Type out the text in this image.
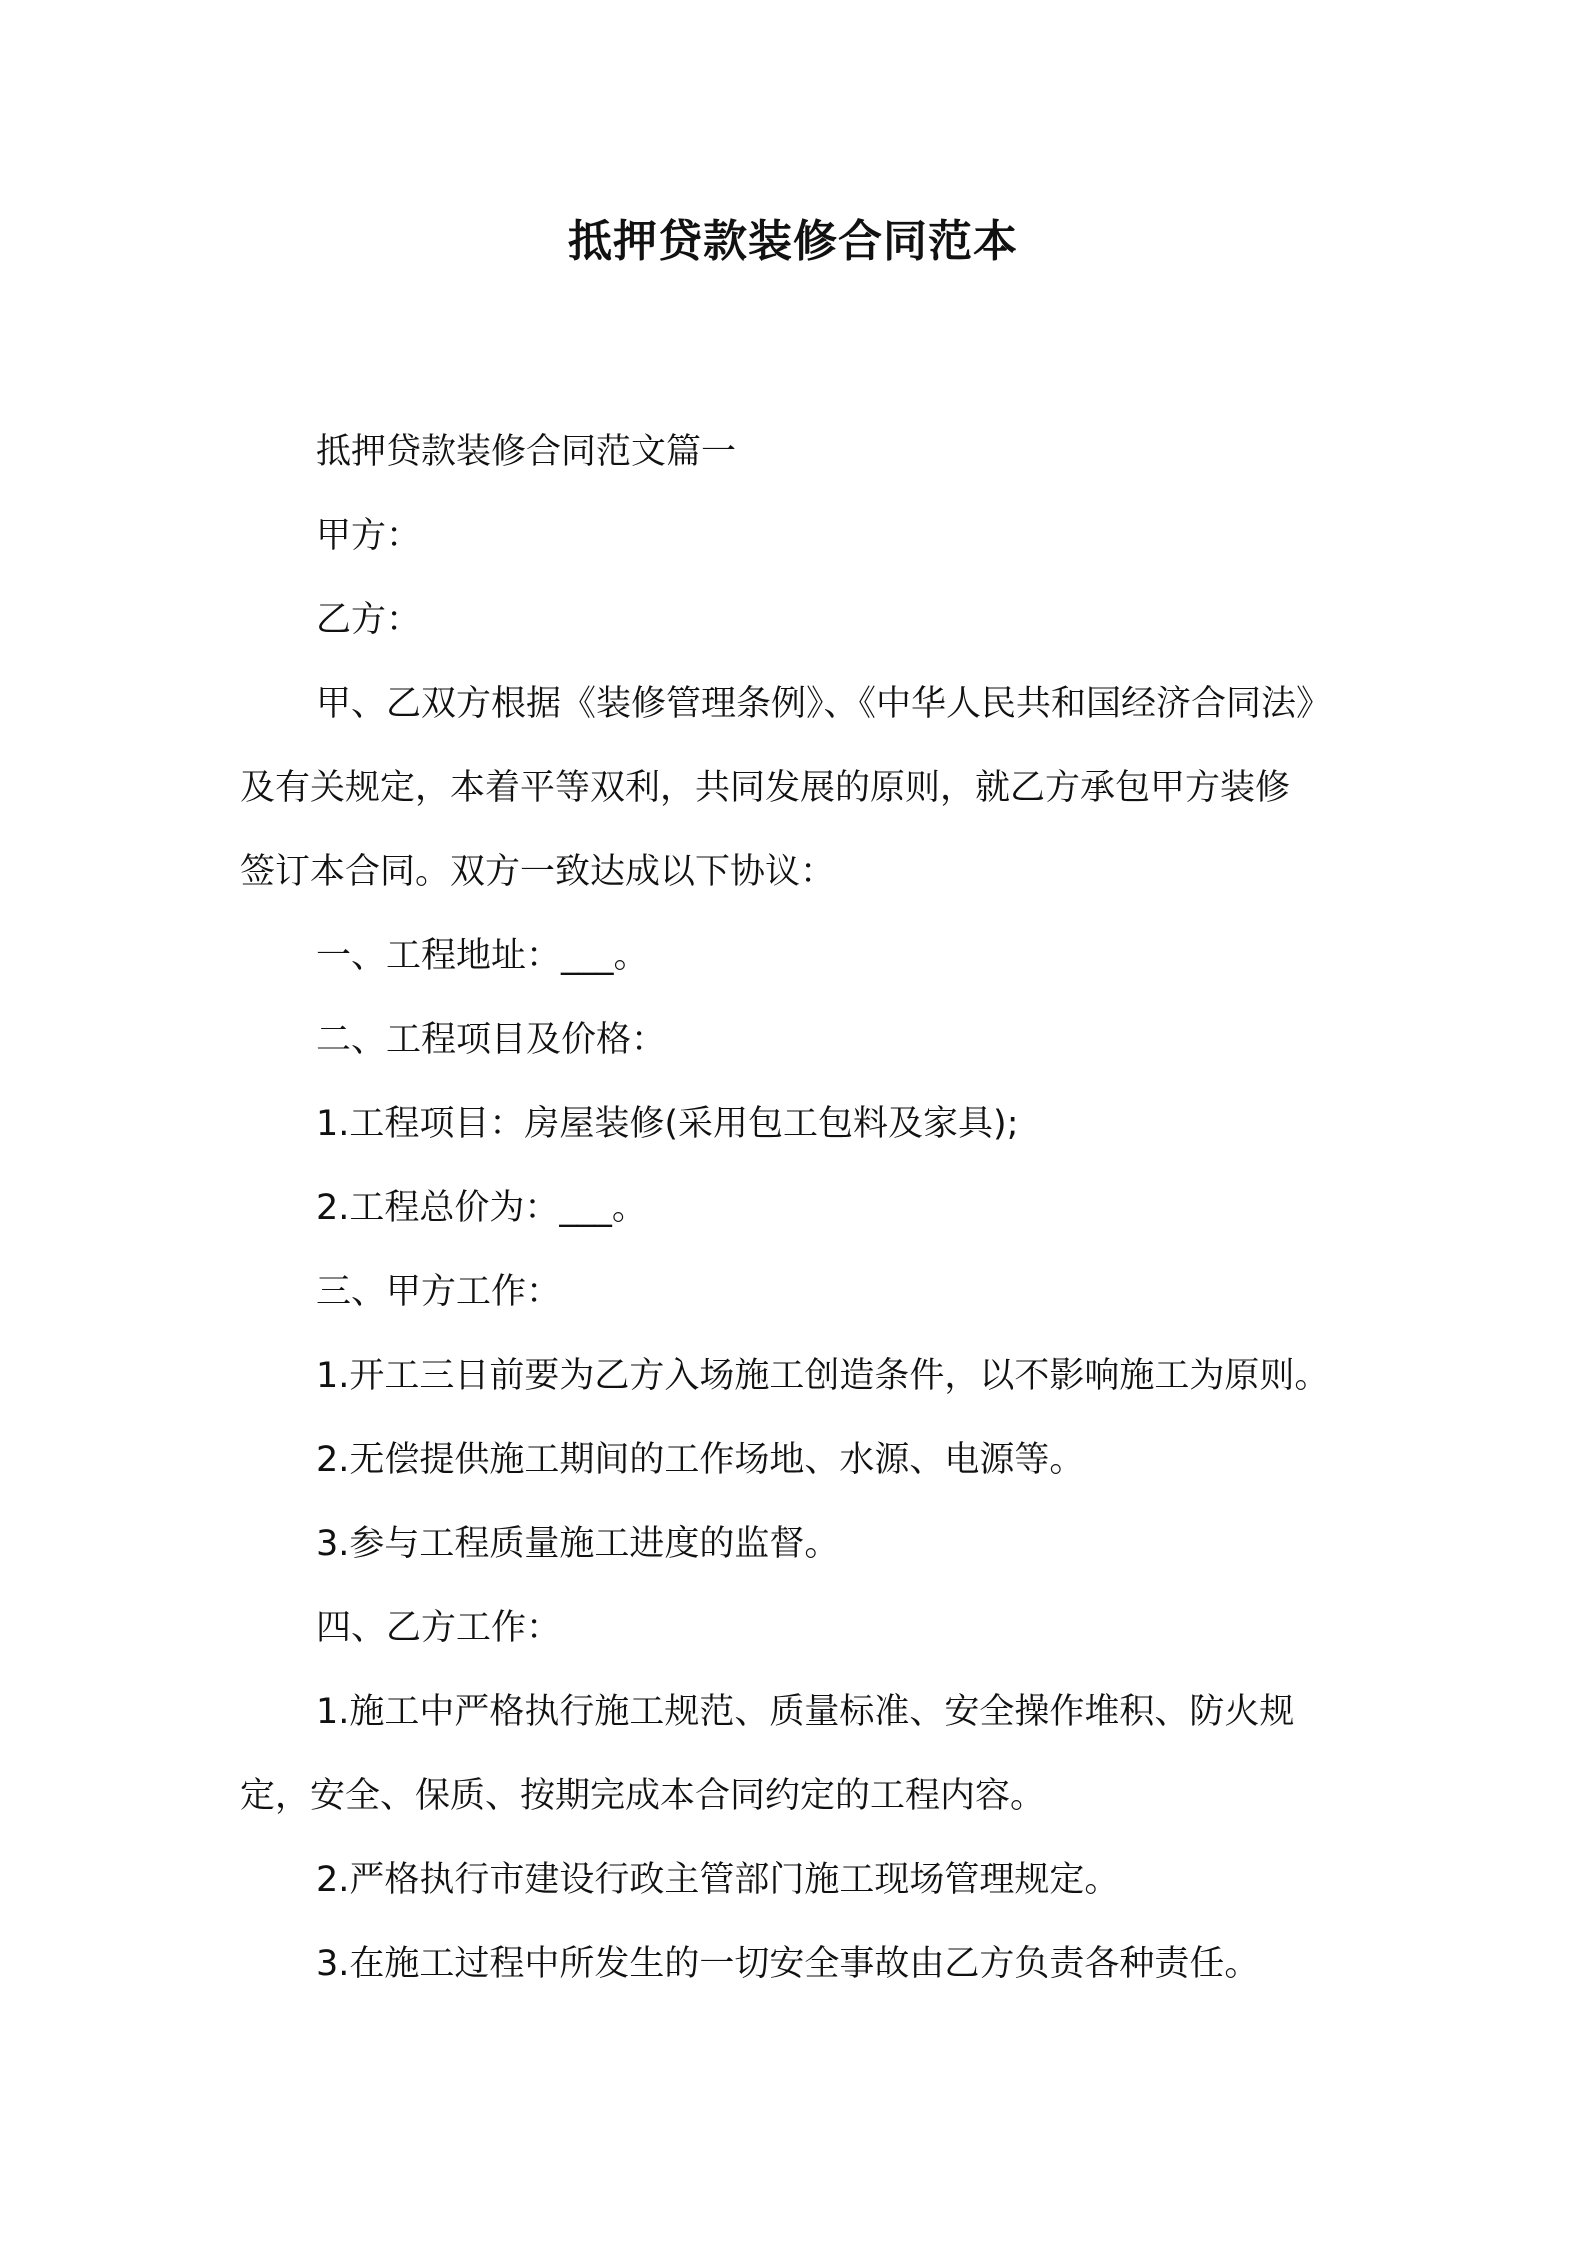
抵押贷款装修合同范本
抵押贷款装修合同范文篇一
甲方：
乙方：
甲、乙双方根据《装修管理条例》、《中华人民共和国经济合同法》
及有关规定，本着平等双利，共同发展的原则，就乙方承包甲方装修
签订本合同。双方一致达成以下协议：
一、工程地址：___。
二、工程项目及价格：
1.工程项目：房屋装修(采用包工包料及家具);
2.工程总价为：___。
三、甲方工作：
1.开工三日前要为乙方入场施工创造条件，以不影响施工为原则。
2.无偿提供施工期间的工作场地、水源、电源等。
3.参与工程质量施工进度的监督。
四、乙方工作：
1.施工中严格执行施工规范、质量标准、安全操作堆积、防火规
定，安全、保质、按期完成本合同约定的工程内容。
2.严格执行市建设行政主管部门施工现场管理规定。
3.在施工过程中所发生的一切安全事故由乙方负责各种责任。
